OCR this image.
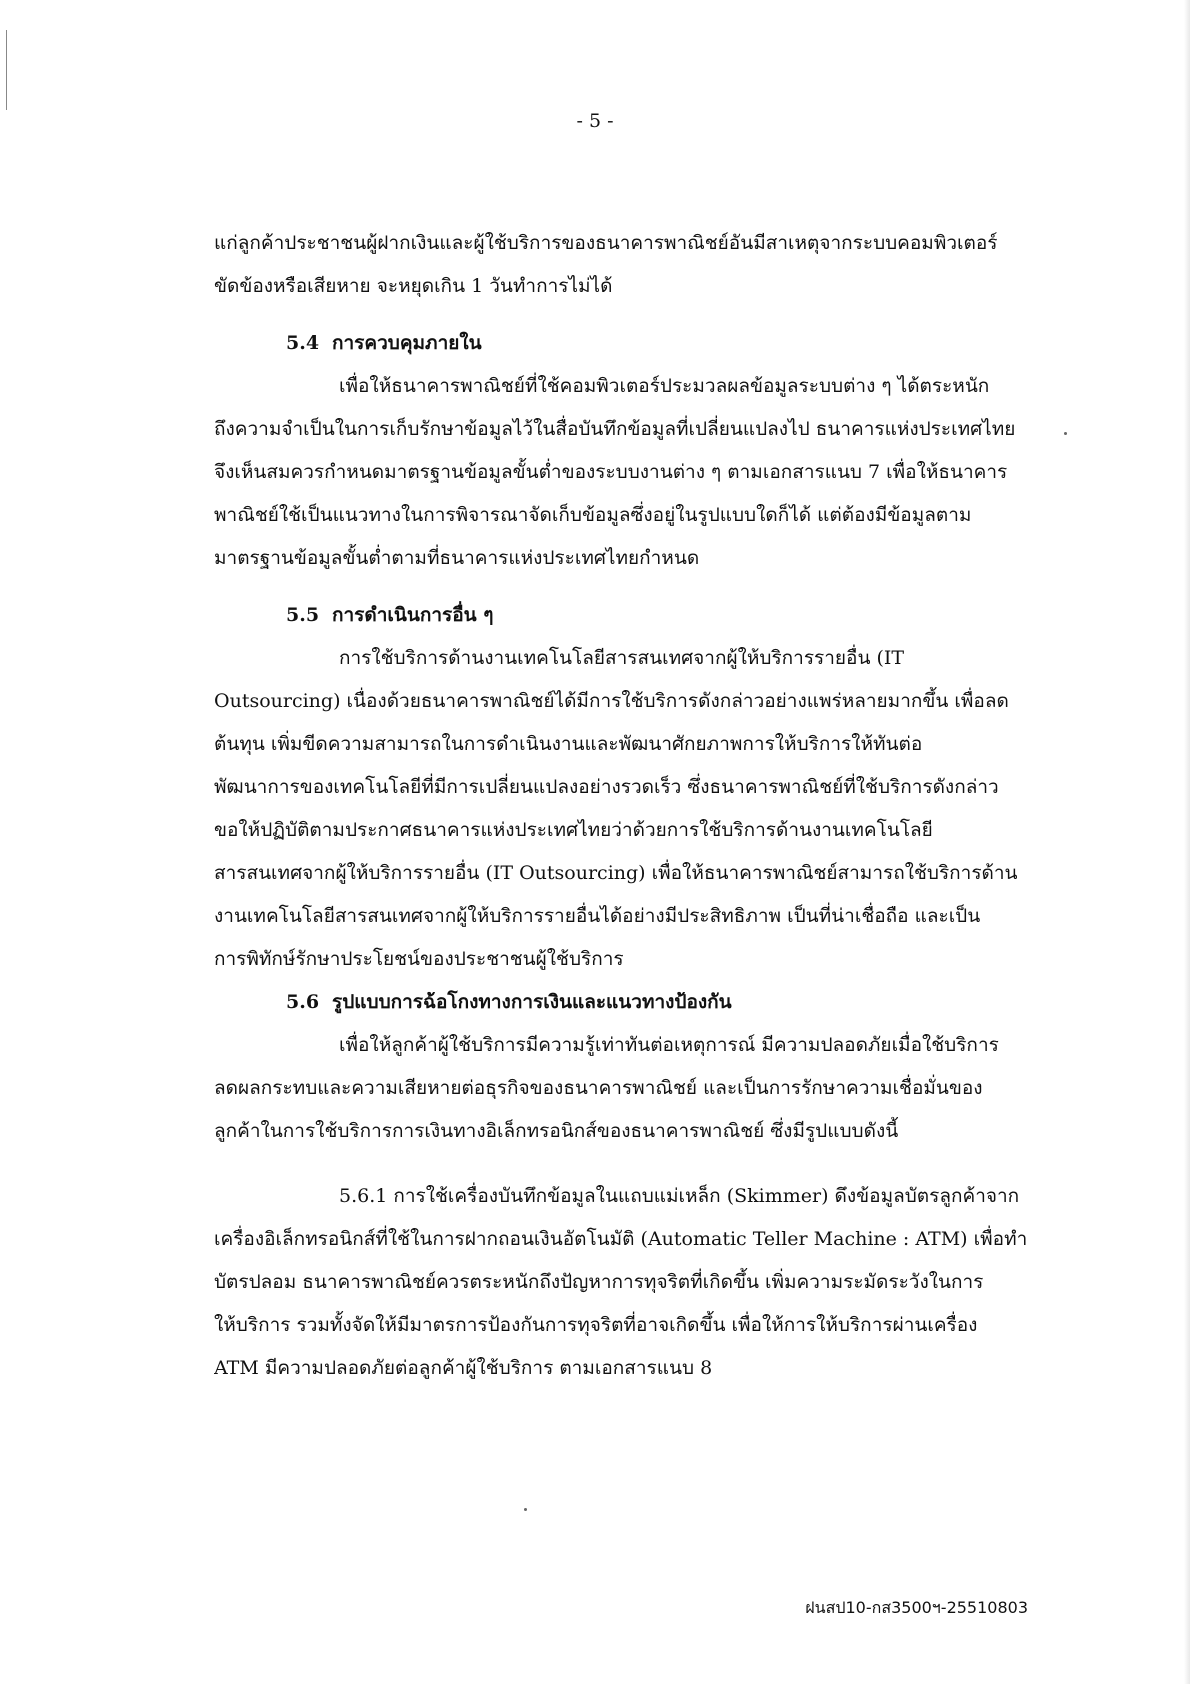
- 5 -
แก่ลูกค้าประชาชนผู้ฝากเงินและผู้ใช้บริการของธนาคารพาณิชย์อันมีสาเหตุจากระบบคอมพิวเตอร์
ขัดข้องหรือเสียหาย จะหยุดเกิน 1 วันทำการไม่ได้
5.4 การควบคุมภายใน
เพื่อให้ธนาคารพาณิชย์ที่ใช้คอมพิวเตอร์ประมวลผลข้อมูลระบบต่าง ๆ ได้ตระหนัก
ถึงความจำเป็นในการเก็บรักษาข้อมูลไว้ในสื่อบันทึกข้อมูลที่เปลี่ยนแปลงไป ธนาคารแห่งประเทศไทย
จึงเห็นสมควรกำหนดมาตรฐานข้อมูลขั้นต่ำของระบบงานต่าง ๆ ตามเอกสารแนบ 7 เพื่อให้ธนาคาร
พาณิชย์ใช้เป็นแนวทางในการพิจารณาจัดเก็บข้อมูลซึ่งอยู่ในรูปแบบใดก็ได้ แต่ต้องมีข้อมูลตาม
มาตรฐานข้อมูลขั้นต่ำตามที่ธนาคารแห่งประเทศไทยกำหนด
5.5 การดำเนินการอื่น ๆ
การใช้บริการด้านงานเทคโนโลยีสารสนเทศจากผู้ให้บริการรายอื่น (IT
Outsourcing) เนื่องด้วยธนาคารพาณิชย์ได้มีการใช้บริการดังกล่าวอย่างแพร่หลายมากขึ้น เพื่อลด
ต้นทุน เพิ่มขีดความสามารถในการดำเนินงานและพัฒนาศักยภาพการให้บริการให้ทันต่อ
พัฒนาการของเทคโนโลยีที่มีการเปลี่ยนแปลงอย่างรวดเร็ว ซึ่งธนาคารพาณิชย์ที่ใช้บริการดังกล่าว
ขอให้ปฏิบัติตามประกาศธนาคารแห่งประเทศไทยว่าด้วยการใช้บริการด้านงานเทคโนโลยี
สารสนเทศจากผู้ให้บริการรายอื่น (IT Outsourcing) เพื่อให้ธนาคารพาณิชย์สามารถใช้บริการด้าน
งานเทคโนโลยีสารสนเทศจากผู้ให้บริการรายอื่นได้อย่างมีประสิทธิภาพ เป็นที่น่าเชื่อถือ และเป็น
การพิทักษ์รักษาประโยชน์ของประชาชนผู้ใช้บริการ
5.6 รูปแบบการฉ้อโกงทางการเงินและแนวทางป้องกัน
เพื่อให้ลูกค้าผู้ใช้บริการมีความรู้เท่าทันต่อเหตุการณ์ มีความปลอดภัยเมื่อใช้บริการ
ลดผลกระทบและความเสียหายต่อธุรกิจของธนาคารพาณิชย์ และเป็นการรักษาความเชื่อมั่นของ
ลูกค้าในการใช้บริการการเงินทางอิเล็กทรอนิกส์ของธนาคารพาณิชย์ ซึ่งมีรูปแบบดังนี้
5.6.1 การใช้เครื่องบันทึกข้อมูลในแถบแม่เหล็ก (Skimmer) ดึงข้อมูลบัตรลูกค้าจาก
เครื่องอิเล็กทรอนิกส์ที่ใช้ในการฝากถอนเงินอัตโนมัติ (Automatic Teller Machine : ATM) เพื่อทำ
บัตรปลอม ธนาคารพาณิชย์ควรตระหนักถึงปัญหาการทุจริตที่เกิดขึ้น เพิ่มความระมัดระวังในการ
ให้บริการ รวมทั้งจัดให้มีมาตรการป้องกันการทุจริตที่อาจเกิดขึ้น เพื่อให้การให้บริการผ่านเครื่อง
ATM มีความปลอดภัยต่อลูกค้าผู้ใช้บริการ ตามเอกสารแนบ 8
ฝนสป10-กส3500ฯ-25510803
